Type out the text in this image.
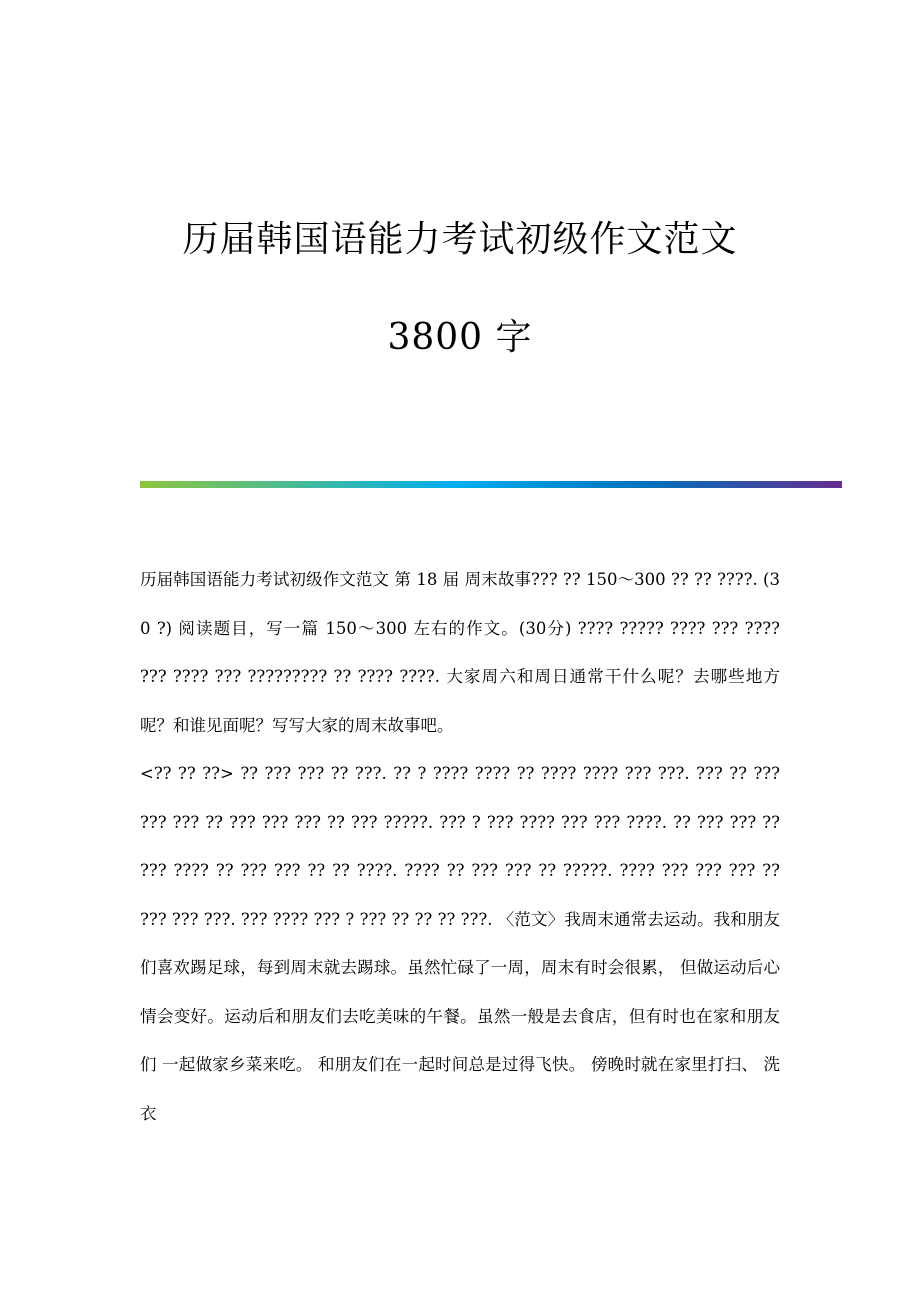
历届韩国语能力考试初级作文范文
3800 字

历届韩国语能力考试初级作文范文 第 18 届 周末故事??? ?? 150～300 ?? ?? ????. (30 ?) 阅读题目，写一篇 150～300 左右的作文。(30分) ???? ????? ???? ??? ???? ??? ???? ??? ????????? ?? ???? ????. 大家周六和周日通常干什么呢？去哪些地方呢？和谁见面呢？写写大家的周末故事吧。

<?? ?? ??> ?? ??? ??? ?? ???. ?? ? ???? ???? ?? ???? ???? ??? ???. ??? ?? ??? ??? ??? ?? ??? ??? ??? ?? ??? ?????. ??? ? ??? ???? ??? ??? ????. ?? ??? ??? ?? ??? ???? ?? ??? ??? ?? ?? ????. ???? ?? ??? ??? ?? ?????. ???? ??? ??? ??? ?? ??? ??? ???. ??? ???? ??? ? ??? ?? ?? ?? ???. 〈范文〉我周末通常去运动。我和朋友们喜欢踢足球，每到周末就去踢球。虽然忙碌了一周，周末有时会很累， 但做运动后心情会变好。运动后和朋友们去吃美味的午餐。虽然一般是去食店，但有时也在家和朋友们 一起做家乡菜来吃。 和朋友们在一起时间总是过得飞快。 傍晚时就在家里打扫、 洗衣
